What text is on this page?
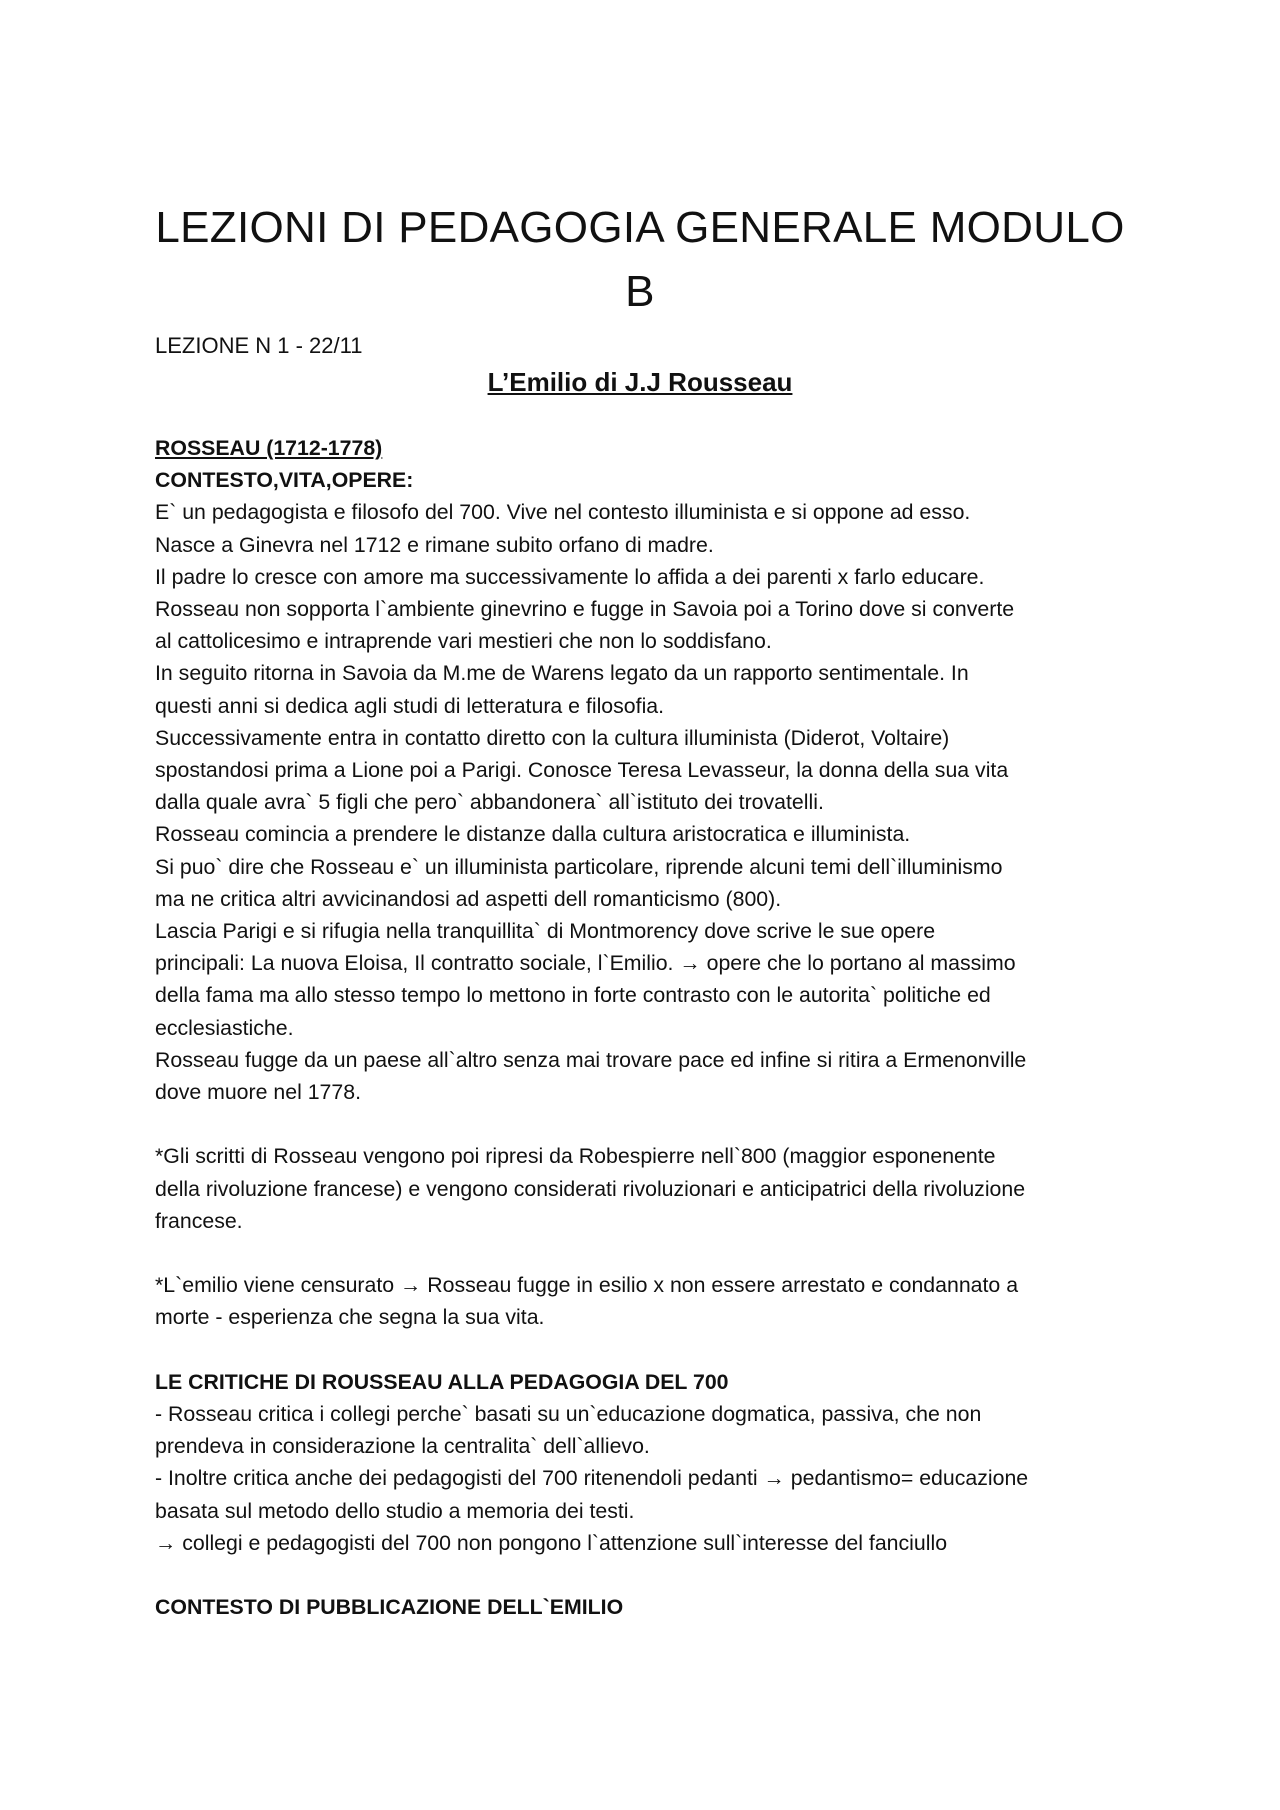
LEZIONI DI PEDAGOGIA GENERALE MODULO B

LEZIONE N 1 - 22/11

L’Emilio di J.J Rousseau

ROSSEAU (1712-1778)

CONTESTO,VITA,OPERE:

E` un pedagogista e filosofo del 700. Vive nel contesto illuminista e si oppone ad esso.

Nasce a Ginevra nel 1712 e rimane subito orfano di madre.

Il padre lo cresce con amore ma successivamente lo affida a dei parenti x farlo educare.

Rosseau non sopporta l`ambiente ginevrino e fugge in Savoia poi a Torino dove si converte

al cattolicesimo e intraprende vari mestieri che non lo soddisfano.

In seguito ritorna in Savoia da M.me de Warens legato da un rapporto sentimentale. In

questi anni si dedica agli studi di letteratura e filosofia.

Successivamente entra in contatto diretto con la cultura illuminista (Diderot, Voltaire)

spostandosi prima a Lione poi a Parigi. Conosce Teresa Levasseur, la donna della sua vita

dalla quale avra` 5 figli che pero` abbandonera` all`istituto dei trovatelli.

Rosseau comincia a prendere le distanze dalla cultura aristocratica e illuminista.

Si puo` dire che Rosseau e` un illuminista particolare, riprende alcuni temi dell`illuminismo

ma ne critica altri avvicinandosi ad aspetti dell romanticismo (800).

Lascia Parigi e si rifugia nella tranquillita` di Montmorency dove scrive le sue opere

principali: La nuova Eloisa, Il contratto sociale, l`Emilio. → opere che lo portano al massimo

della fama ma allo stesso tempo lo mettono in forte contrasto con le autorita` politiche ed

ecclesiastiche.

Rosseau fugge da un paese all`altro senza mai trovare pace ed infine si ritira a Ermenonville

dove muore nel 1778.

*Gli scritti di Rosseau vengono poi ripresi da Robespierre nell`800 (maggior esponenente

della rivoluzione francese) e vengono considerati rivoluzionari e anticipatrici della rivoluzione

francese.

*L`emilio viene censurato → Rosseau fugge in esilio x non essere arrestato e condannato a

morte - esperienza che segna la sua vita.

LE CRITICHE DI ROUSSEAU ALLA PEDAGOGIA DEL 700

- Rosseau critica i collegi perche` basati su un`educazione dogmatica, passiva, che non

prendeva in considerazione la centralita` dell`allievo.

- Inoltre critica anche dei pedagogisti del 700 ritenendoli pedanti → pedantismo= educazione

basata sul metodo dello studio a memoria dei testi.

→ collegi e pedagogisti del 700 non pongono l`attenzione sull`interesse del fanciullo

CONTESTO DI PUBBLICAZIONE DELL`EMILIO
